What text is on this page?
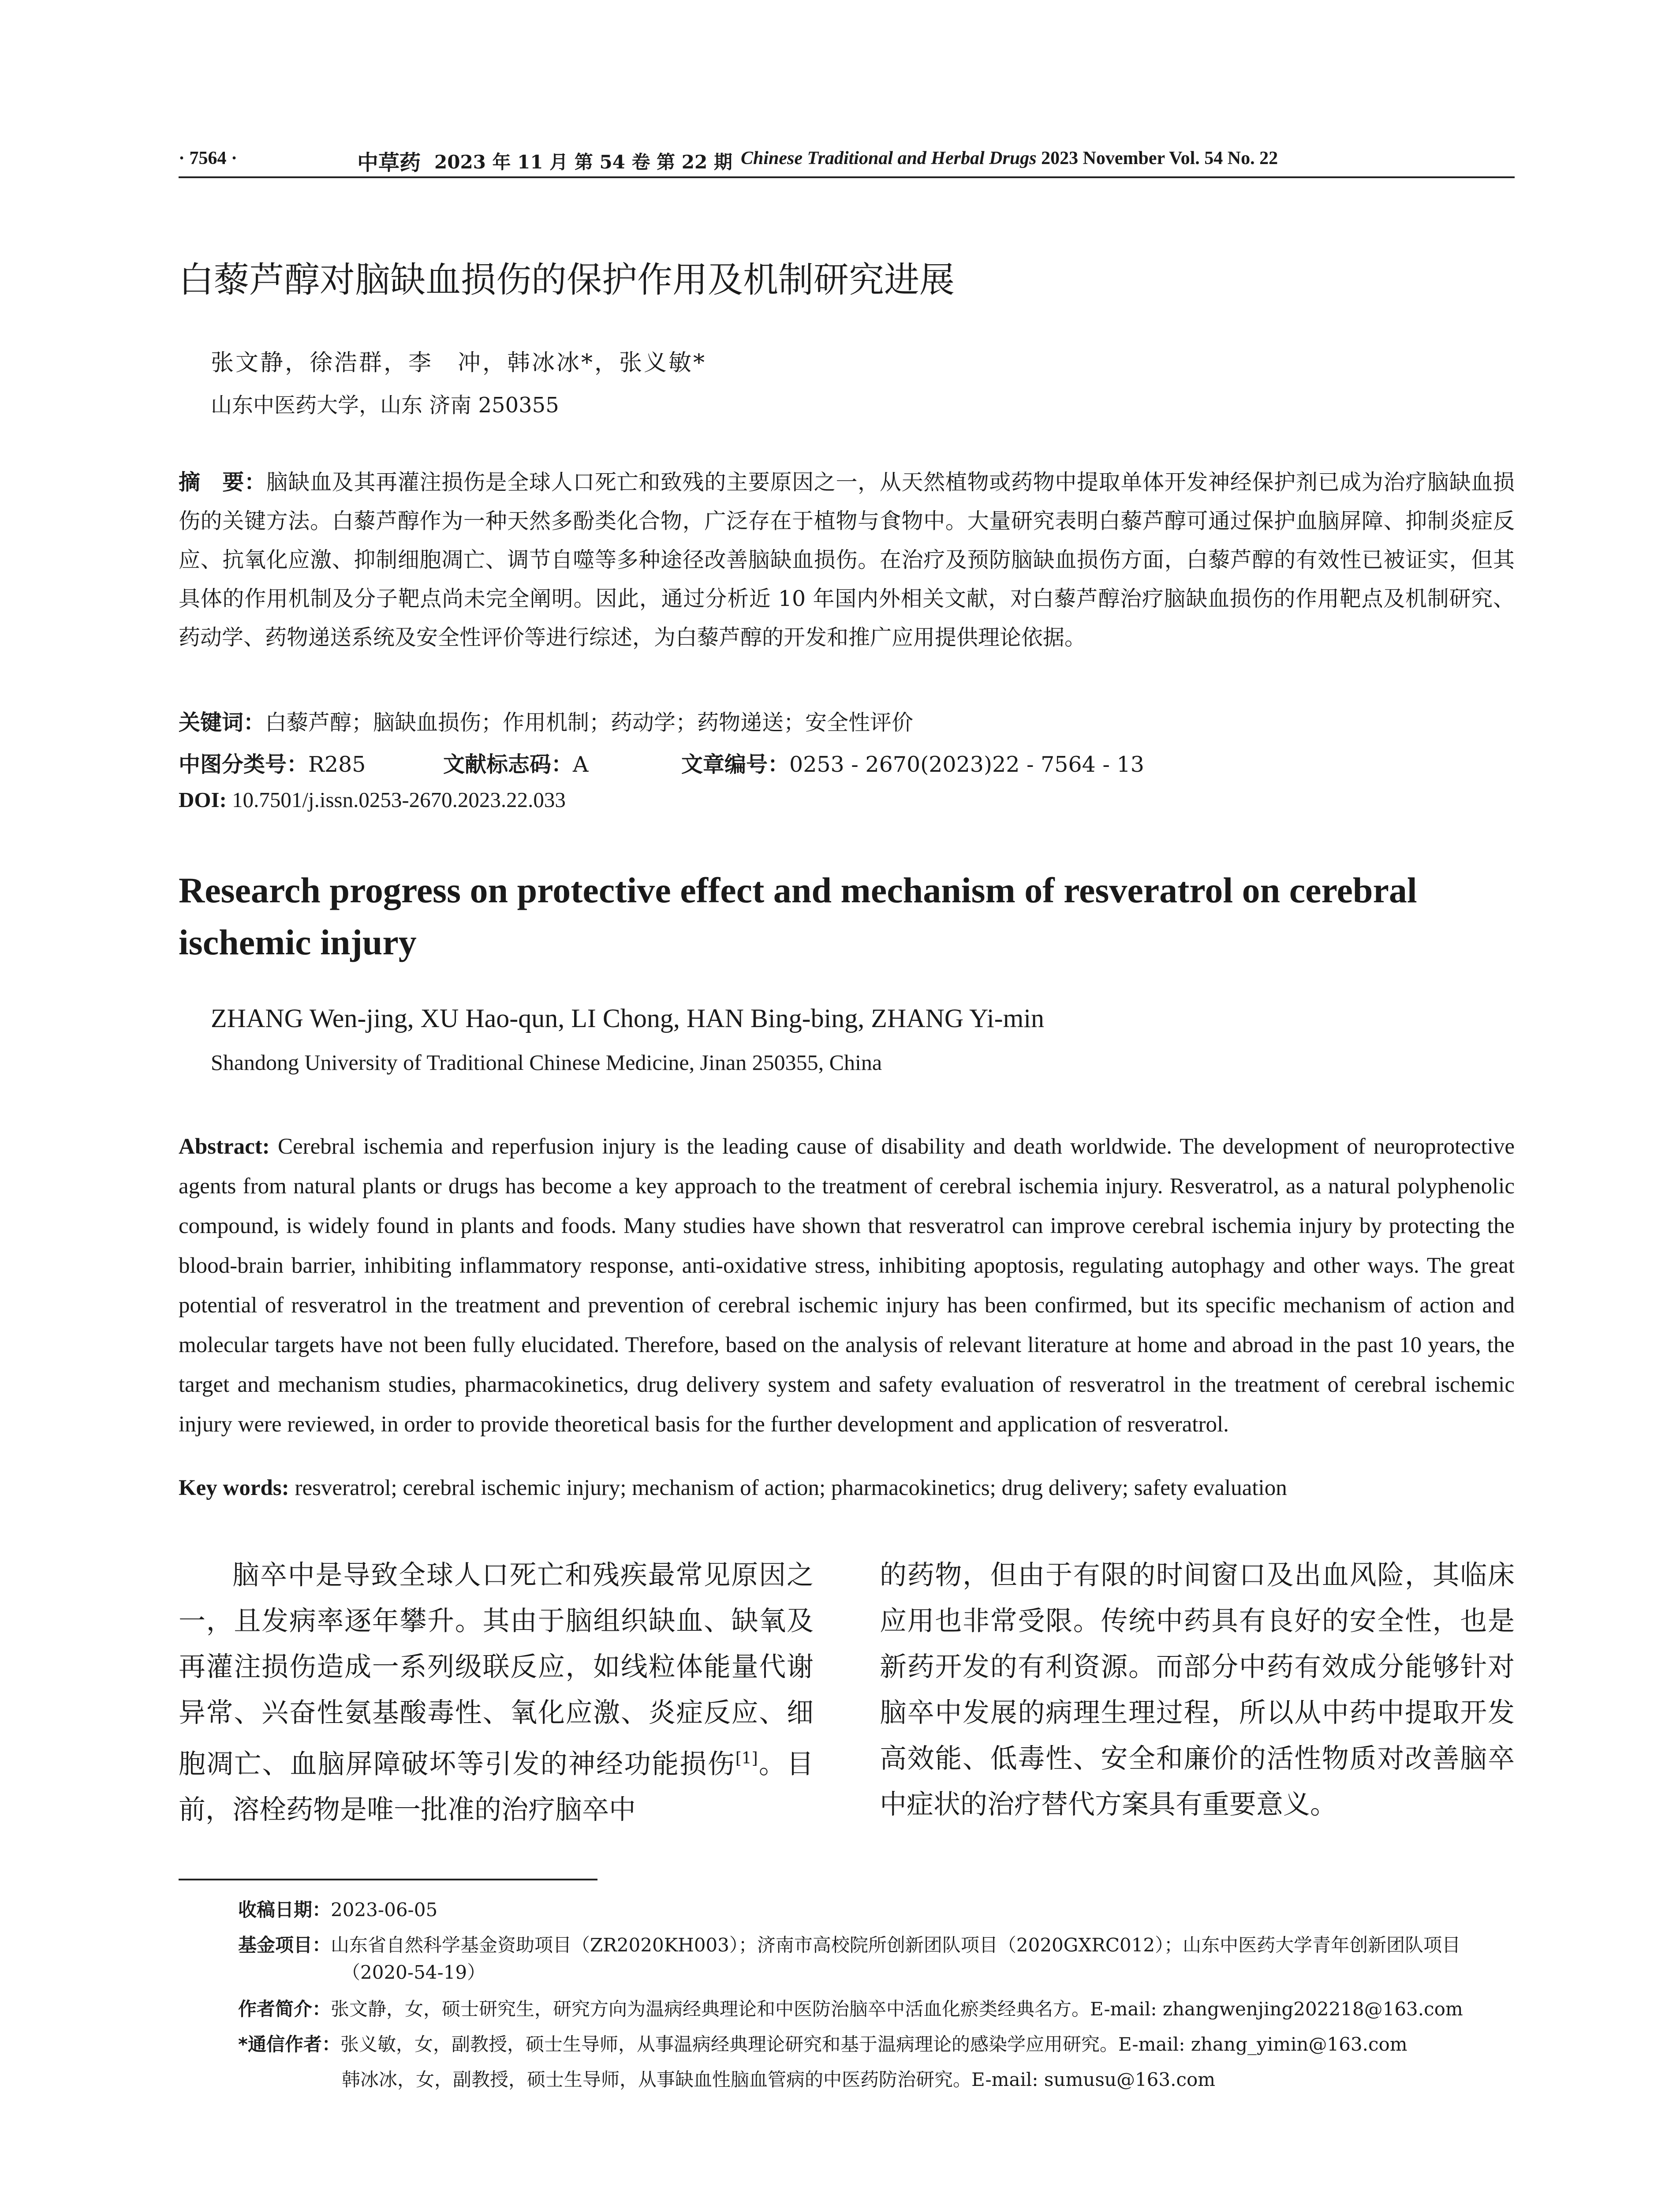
· 7564 ·	中草药 2023 年 11 月 第 54 卷 第 22 期 Chinese Traditional and Herbal Drugs 2023 November Vol. 54 No. 22
白藜芦醇对脑缺血损伤的保护作用及机制研究进展
张文静，徐浩群，李　冲，韩冰冰*，张义敏*
山东中医药大学，山东 济南 250355
摘　要：脑缺血及其再灌注损伤是全球人口死亡和致残的主要原因之一，从天然植物或药物中提取单体开发神经保护剂已成为治疗脑缺血损伤的关键方法。白藜芦醇作为一种天然多酚类化合物，广泛存在于植物与食物中。大量研究表明白藜芦醇可通过保护血脑屏障、抑制炎症反应、抗氧化应激、抑制细胞凋亡、调节自噬等多种途径改善脑缺血损伤。在治疗及预防脑缺血损伤方面，白藜芦醇的有效性已被证实，但其具体的作用机制及分子靶点尚未完全阐明。因此，通过分析近 10 年国内外相关文献，对白藜芦醇治疗脑缺血损伤的作用靶点及机制研究、药动学、药物递送系统及安全性评价等进行综述，为白藜芦醇的开发和推广应用提供理论依据。
关键词：白藜芦醇；脑缺血损伤；作用机制；药动学；药物递送；安全性评价
中图分类号：R285	文献标志码：A	文章编号：0253 - 2670(2023)22 - 7564 - 13
DOI: 10.7501/j.issn.0253-2670.2023.22.033
Research progress on protective effect and mechanism of resveratrol on cerebral ischemic injury
ZHANG Wen-jing, XU Hao-qun, LI Chong, HAN Bing-bing, ZHANG Yi-min
Shandong University of Traditional Chinese Medicine, Jinan 250355, China
Abstract: Cerebral ischemia and reperfusion injury is the leading cause of disability and death worldwide. The development of neuroprotective agents from natural plants or drugs has become a key approach to the treatment of cerebral ischemia injury. Resveratrol, as a natural polyphenolic compound, is widely found in plants and foods. Many studies have shown that resveratrol can improve cerebral ischemia injury by protecting the blood-brain barrier, inhibiting inflammatory response, anti-oxidative stress, inhibiting apoptosis, regulating autophagy and other ways. The great potential of resveratrol in the treatment and prevention of cerebral ischemic injury has been confirmed, but its specific mechanism of action and molecular targets have not been fully elucidated. Therefore, based on the analysis of relevant literature at home and abroad in the past 10 years, the target and mechanism studies, pharmacokinetics, drug delivery system and safety evaluation of resveratrol in the treatment of cerebral ischemic injury were reviewed, in order to provide theoretical basis for the further development and application of resveratrol.
Key words: resveratrol; cerebral ischemic injury; mechanism of action; pharmacokinetics; drug delivery; safety evaluation
脑卒中是导致全球人口死亡和残疾最常见原因之一，且发病率逐年攀升。其由于脑组织缺血、缺氧及再灌注损伤造成一系列级联反应，如线粒体能量代谢异常、兴奋性氨基酸毒性、氧化应激、炎症反应、细胞凋亡、血脑屏障破坏等引发的神经功能损伤[1]。目前，溶栓药物是唯一批准的治疗脑卒中
的药物，但由于有限的时间窗口及出血风险，其临床应用也非常受限。传统中药具有良好的安全性，也是新药开发的有利资源。而部分中药有效成分能够针对脑卒中发展的病理生理过程，所以从中药中提取开发高效能、低毒性、安全和廉价的活性物质对改善脑卒中症状的治疗替代方案具有重要意义。
收稿日期：2023-06-05
基金项目：山东省自然科学基金资助项目（ZR2020KH003）；济南市高校院所创新团队项目（2020GXRC012）；山东中医药大学青年创新团队项目（2020-54-19）
作者简介：张文静，女，硕士研究生，研究方向为温病经典理论和中医防治脑卒中活血化瘀类经典名方。E-mail: zhangwenjing202218@163.com
*通信作者：张义敏，女，副教授，硕士生导师，从事温病经典理论研究和基于温病理论的感染学应用研究。E-mail: zhang_yimin@163.com
韩冰冰，女，副教授，硕士生导师，从事缺血性脑血管病的中医药防治研究。E-mail: sumusu@163.com
